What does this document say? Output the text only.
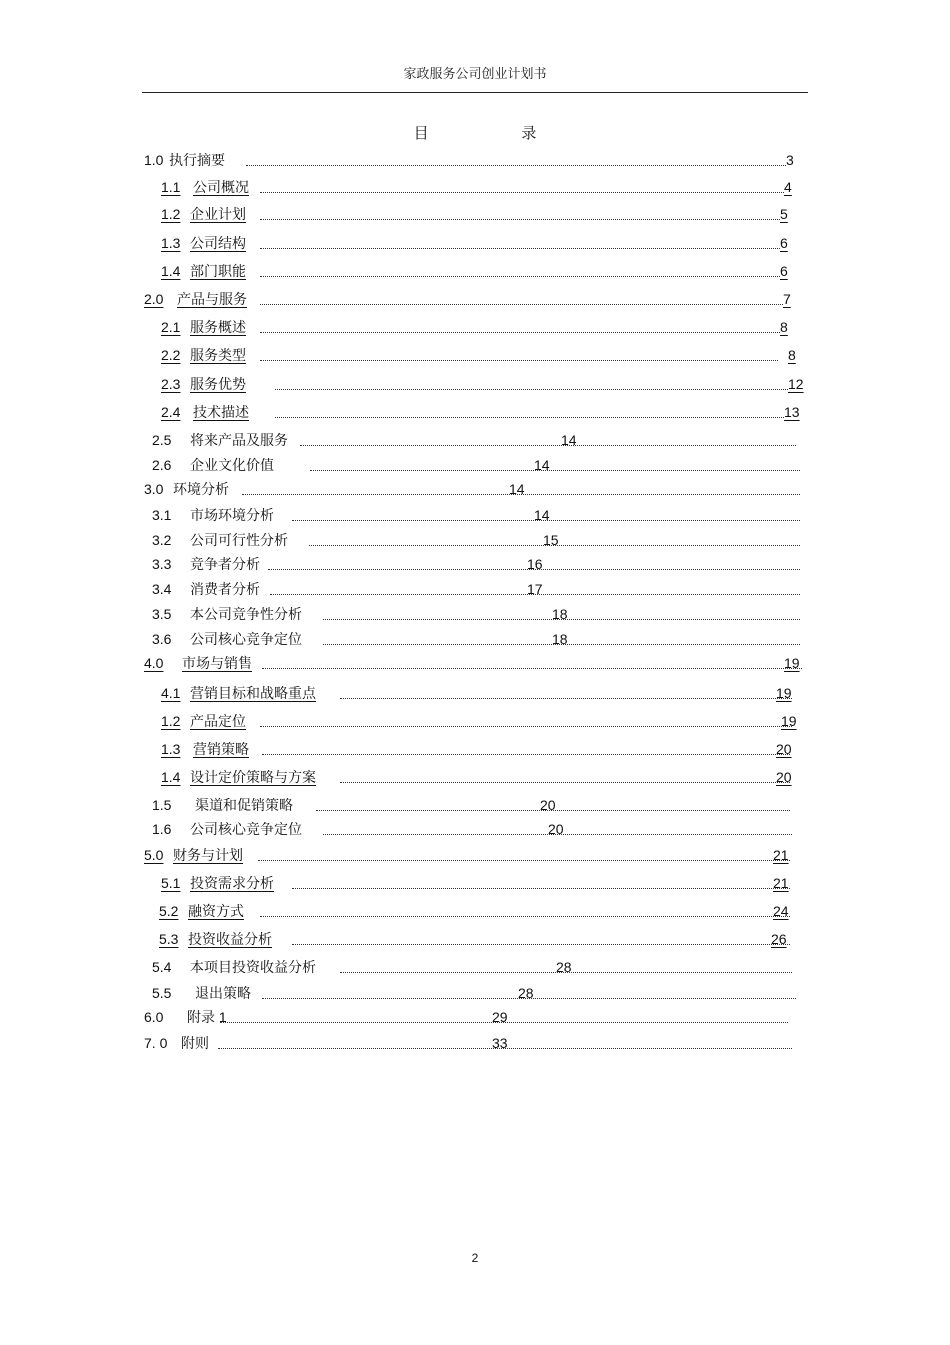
家政服务公司创业计划书
目 录
1.0 执行摘要	3
1.1 公司概况	4
1.2 企业计划	5
1.3 公司结构	6
1.4 部门职能	6
2.0 产品与服务	7
2.1 服务概述	8
2.2 服务类型	8
2.3 服务优势	12
2.4 技术描述	13
2.5 将来产品及服务	14
2.6 企业文化价值	14
3.0 环境分析	14
3.1 市场环境分析	14
3.2 公司可行性分析	15
3.3 竞争者分析	16
3.4 消费者分析	17
3.5 本公司竞争性分析	18
3.6 公司核心竞争定位	18
4.0 市场与销售	19
4.1 营销目标和战略重点	19
1.2 产品定位	19
1.3 营销策略	20
1.4 设计定价策略与方案	20
1.5 渠道和促销策略	20
1.6 公司核心竞争定位	20
5.0 财务与计划	21
5.1 投资需求分析	21
5.2 融资方式	24
5.3 投资收益分析	26
5.4 本项目投资收益分析	28
5.5 退出策略	28
6.0 附录 1	29
7. 0 附则	33
2
